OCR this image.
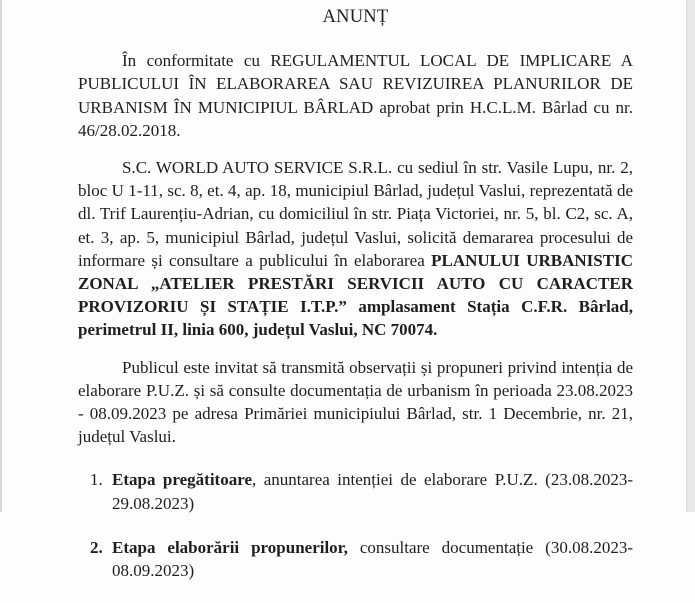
ANUNȚ

În conformitate cu REGULAMENTUL LOCAL DE IMPLICARE A PUBLICULUI ÎN ELABORAREA SAU REVIZUIREA PLANURILOR DE URBANISM ÎN MUNICIPIUL BÂRLAD aprobat prin H.C.L.M. Bârlad cu nr. 46/28.02.2018.

S.C. WORLD AUTO SERVICE S.R.L. cu sediul în str. Vasile Lupu, nr. 2, bloc U 1-11, sc. 8, et. 4, ap. 18, municipiul Bârlad, județul Vaslui, reprezentată de dl. Trif Laurențiu-Adrian, cu domiciliul în str. Piața Victoriei, nr. 5, bl. C2, sc. A, et. 3, ap. 5, municipiul Bârlad, județul Vaslui, solicită demararea procesului de informare și consultare a publicului în elaborarea PLANULUI URBANISTIC ZONAL „ATELIER PRESTĂRI SERVICII AUTO CU CARACTER PROVIZORIU ȘI STAȚIE I.T.P.” amplasament Stația C.F.R. Bârlad, perimetrul II, linia 600, județul Vaslui, NC 70074.

Publicul este invitat să transmită observații și propuneri privind intenția de elaborare P.U.Z. și să consulte documentația de urbanism în perioada 23.08.2023 - 08.09.2023 pe adresa Primăriei municipiului Bârlad, str. 1 Decembrie, nr. 21, județul Vaslui.

1. Etapa pregătitoare, anuntarea intenției de elaborare P.U.Z. (23.08.2023-29.08.2023)
2. Etapa elaborării propunerilor, consultare documentație (30.08.2023-08.09.2023)
